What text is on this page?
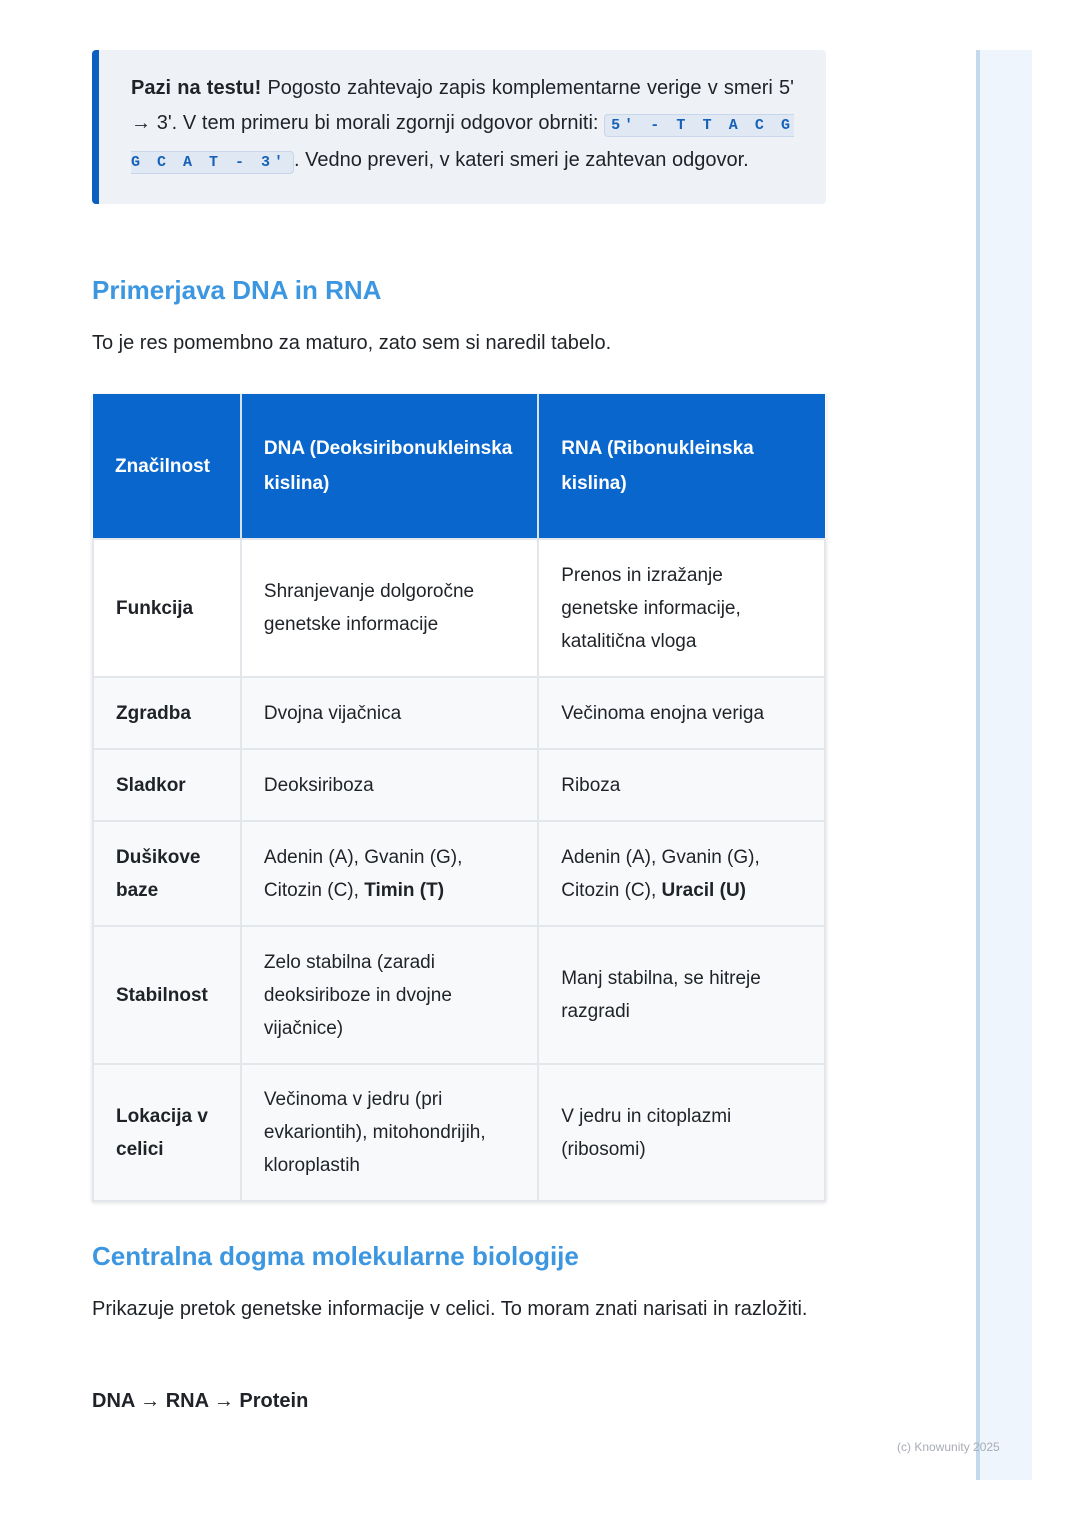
Pazi na testu! Pogosto zahtevajo zapis komplementarne verige v smeri 5' → 3'. V tem primeru bi morali zgornji odgovor obrniti: 5' - T T A C G G C A T - 3' . Vedno preveri, v kateri smeri je zahtevan odgovor.
Primerjava DNA in RNA

To je res pomembno za maturo, zato sem si naredil tabelo.

Značilnost	DNA (Deoksiribonukleinska kislina)	RNA (Ribonukleinska kislina)
Funkcija	Shranjevanje dolgoročne genetske informacije	Prenos in izražanje genetske informacije, katalitična vloga
Zgradba	Dvojna vijačnica	Večinoma enojna veriga
Sladkor	Deoksiriboza	Riboza
Dušikove baze	Adenin (A), Gvanin (G), Citozin (C), Timin (T)	Adenin (A), Gvanin (G), Citozin (C), Uracil (U)
Stabilnost	Zelo stabilna (zaradi deoksiriboze in dvojne vijačnice)	Manj stabilna, se hitreje razgradi
Lokacija v celici	Večinoma v jedru (pri evkariontih), mitohondrijih, kloroplastih	V jedru in citoplazmi (ribosomi)
Centralna dogma molekularne biologije

Prikazuje pretok genetske informacije v celici. To moram znati narisati in razložiti.

DNA → RNA → Protein

(c) Knowunity 2025
